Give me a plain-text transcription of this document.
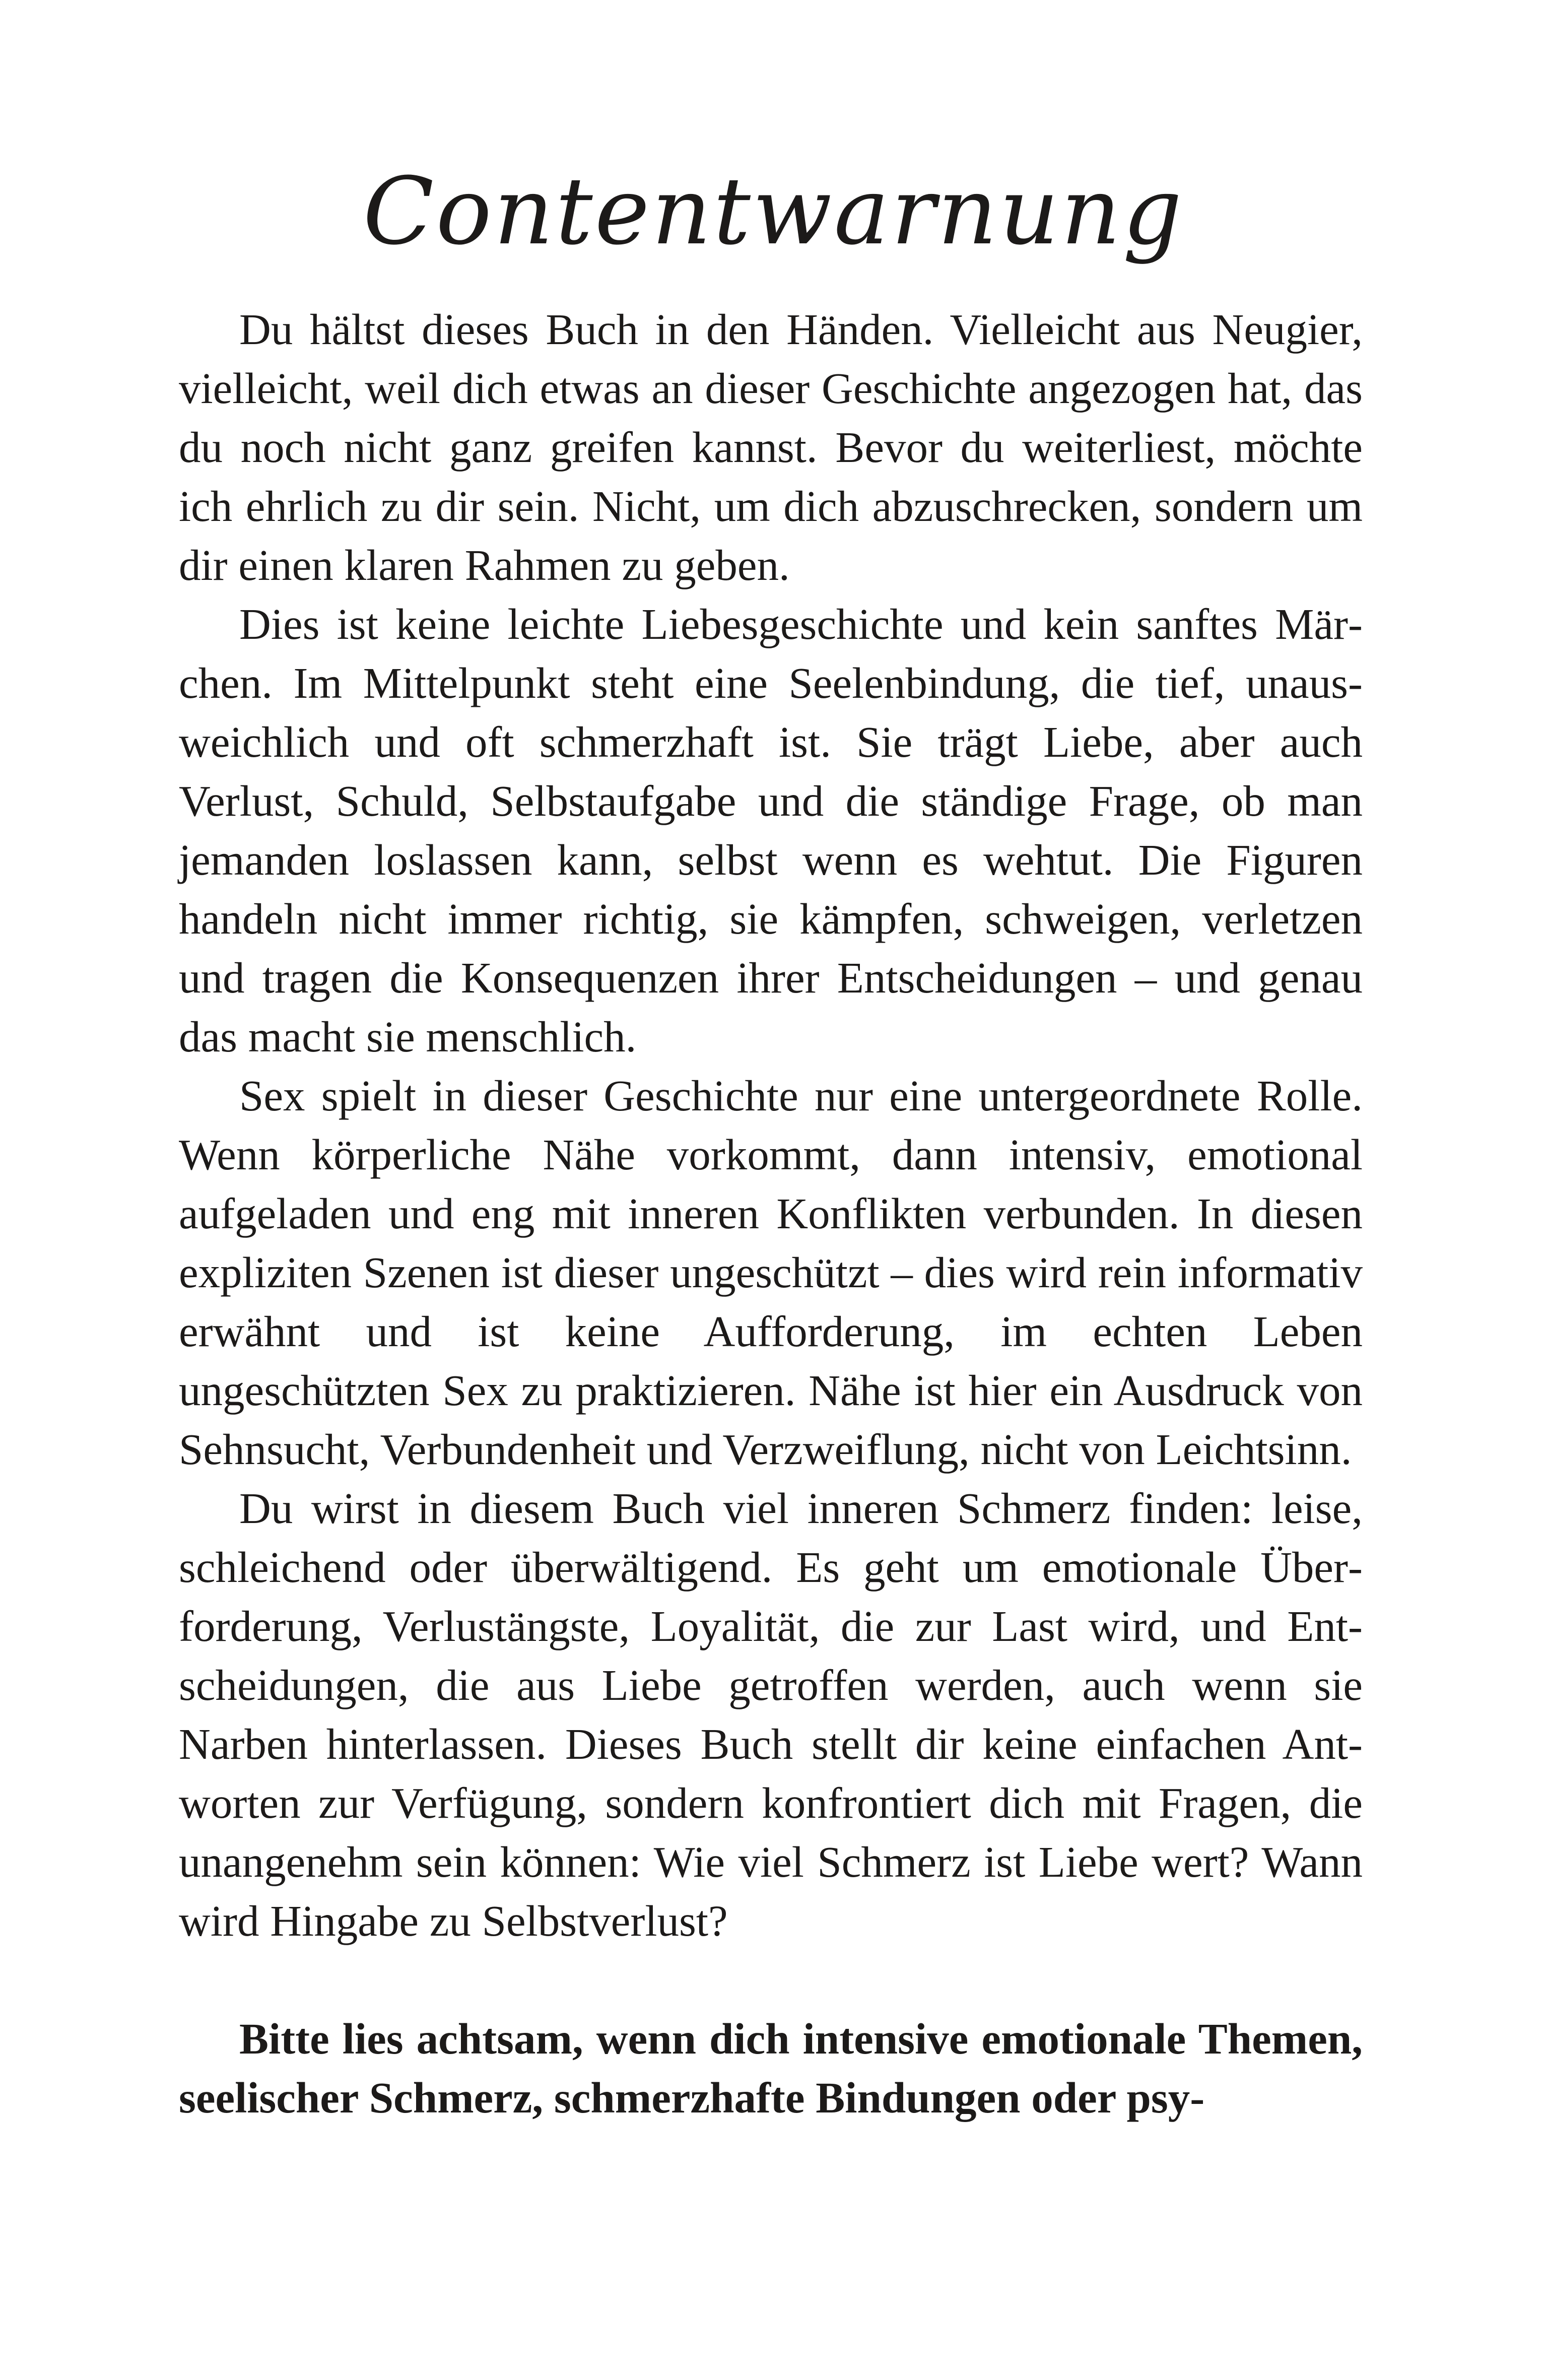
Contentwarnung

Du hältst dieses Buch in den Händen. Vielleicht aus Neugier, vielleicht, weil dich etwas an dieser Geschichte angezogen hat, das du noch nicht ganz greifen kannst. Bevor du weiterliest, möchte ich ehrlich zu dir sein. Nicht, um dich abzuschrecken, sondern um dir einen klaren Rahmen zu geben.

Dies ist keine leichte Liebesgeschichte und kein sanftes Märchen. Im Mittelpunkt steht eine Seelenbindung, die tief, unausweichlich und oft schmerzhaft ist. Sie trägt Liebe, aber auch Verlust, Schuld, Selbstaufgabe und die ständige Frage, ob man jemanden loslassen kann, selbst wenn es wehtut. Die Figuren handeln nicht immer richtig, sie kämpfen, schweigen, verletzen und tragen die Konsequenzen ihrer Entscheidungen – und genau das macht sie menschlich.

Sex spielt in dieser Geschichte nur eine untergeordnete Rolle. Wenn körperliche Nähe vorkommt, dann intensiv, emotional aufgeladen und eng mit inneren Konflikten verbunden. In diesen expliziten Szenen ist dieser ungeschützt – dies wird rein informativ erwähnt und ist keine Aufforderung, im echten Leben ungeschützten Sex zu praktizieren. Nähe ist hier ein Ausdruck von Sehnsucht, Verbundenheit und Verzweiflung, nicht von Leichtsinn.

Du wirst in diesem Buch viel inneren Schmerz finden: leise, schleichend oder überwältigend. Es geht um emotionale Überforderung, Verlustängste, Loyalität, die zur Last wird, und Entscheidungen, die aus Liebe getroffen werden, auch wenn sie Narben hinterlassen. Dieses Buch stellt dir keine einfachen Antworten zur Verfügung, sondern konfrontiert dich mit Fragen, die unangenehm sein können: Wie viel Schmerz ist Liebe wert? Wann wird Hingabe zu Selbstverlust?

Bitte lies achtsam, wenn dich intensive emotionale Themen, seelischer Schmerz, schmerzhafte Bindungen oder psy-
